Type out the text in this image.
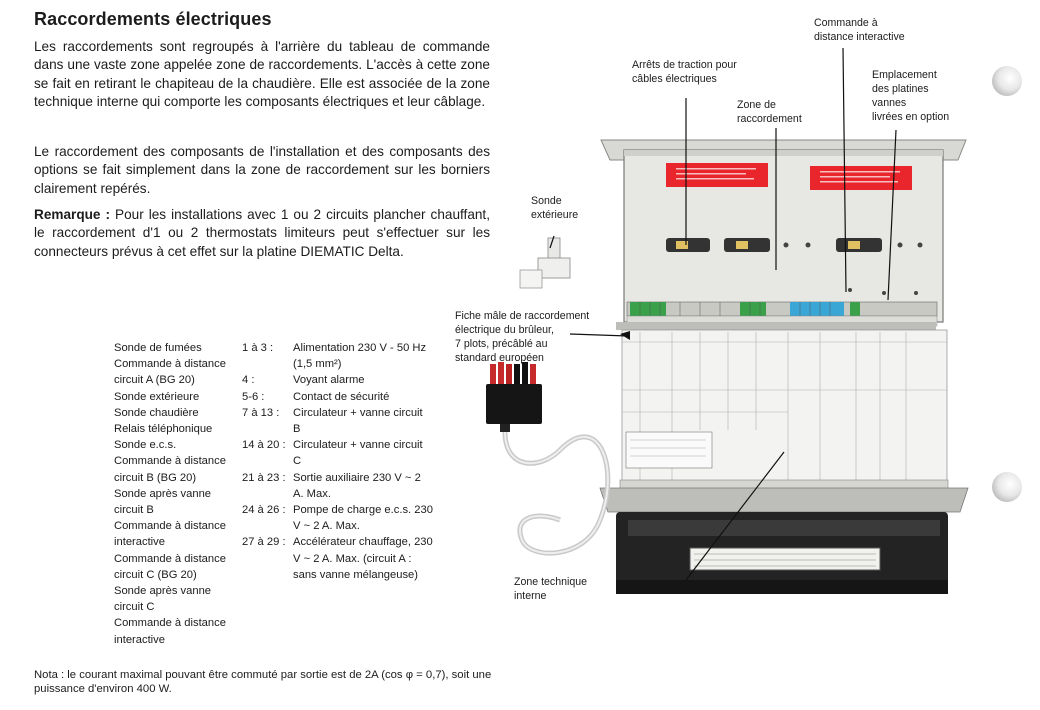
Raccordements électriques
Les raccordements sont regroupés à l'arrière du tableau de commande dans une vaste zone appelée zone de raccordements. L'accès à cette zone se fait en retirant le chapiteau de la chaudière. Elle est associée de la zone technique interne qui comporte les composants électriques et leur câblage.
Le raccordement des composants de l'installation et des composants des options se fait simplement dans la zone de raccordement sur les borniers clairement repérés.
Remarque : Pour les installations avec 1 ou 2 circuits plancher chauffant, le raccordement d'1 ou 2 thermostats limiteurs peut s'effectuer sur les connecteurs prévus à cet effet sur la platine DIEMATIC Delta.
Sonde de fumées
Commande à distance circuit A (BG 20)
Sonde extérieure
Sonde chaudière
Relais téléphonique
Sonde e.c.s.
Commande à distance circuit B (BG 20)
Sonde après vanne circuit B
Commande à distance interactive
Commande à distance circuit C (BG 20)
Sonde après vanne circuit C
Commande à distance interactive
1 à 3 : Alimentation 230 V - 50 Hz (1,5 mm²)
4 :	Voyant alarme
5-6 :	Contact de sécurité
7 à 13 : Circulateur + vanne circuit B
14 à 20 : Circulateur + vanne circuit C
21 à 23 : Sortie auxiliaire 230 V ~ 2 A. Max.
24 à 26 : Pompe de charge e.c.s. 230 V ~ 2 A. Max.
27 à 29 : Accélérateur chauffage, 230 V ~ 2 A. Max. (circuit A : sans vanne mélangeuse)
Nota : le courant maximal pouvant être commuté par sortie est de 2A (cos φ = 0,7), soit une puissance d'environ 400 W.
Commande à
distance interactive
Arrêts de traction pour
câbles électriques
Zone de
raccordement
Emplacement
des platines
vannes
livrées en option
Sonde
extérieure
Fiche mâle de raccordement
électrique du brûleur,
7 plots, précâblé au
standard européen
Zone technique
interne
